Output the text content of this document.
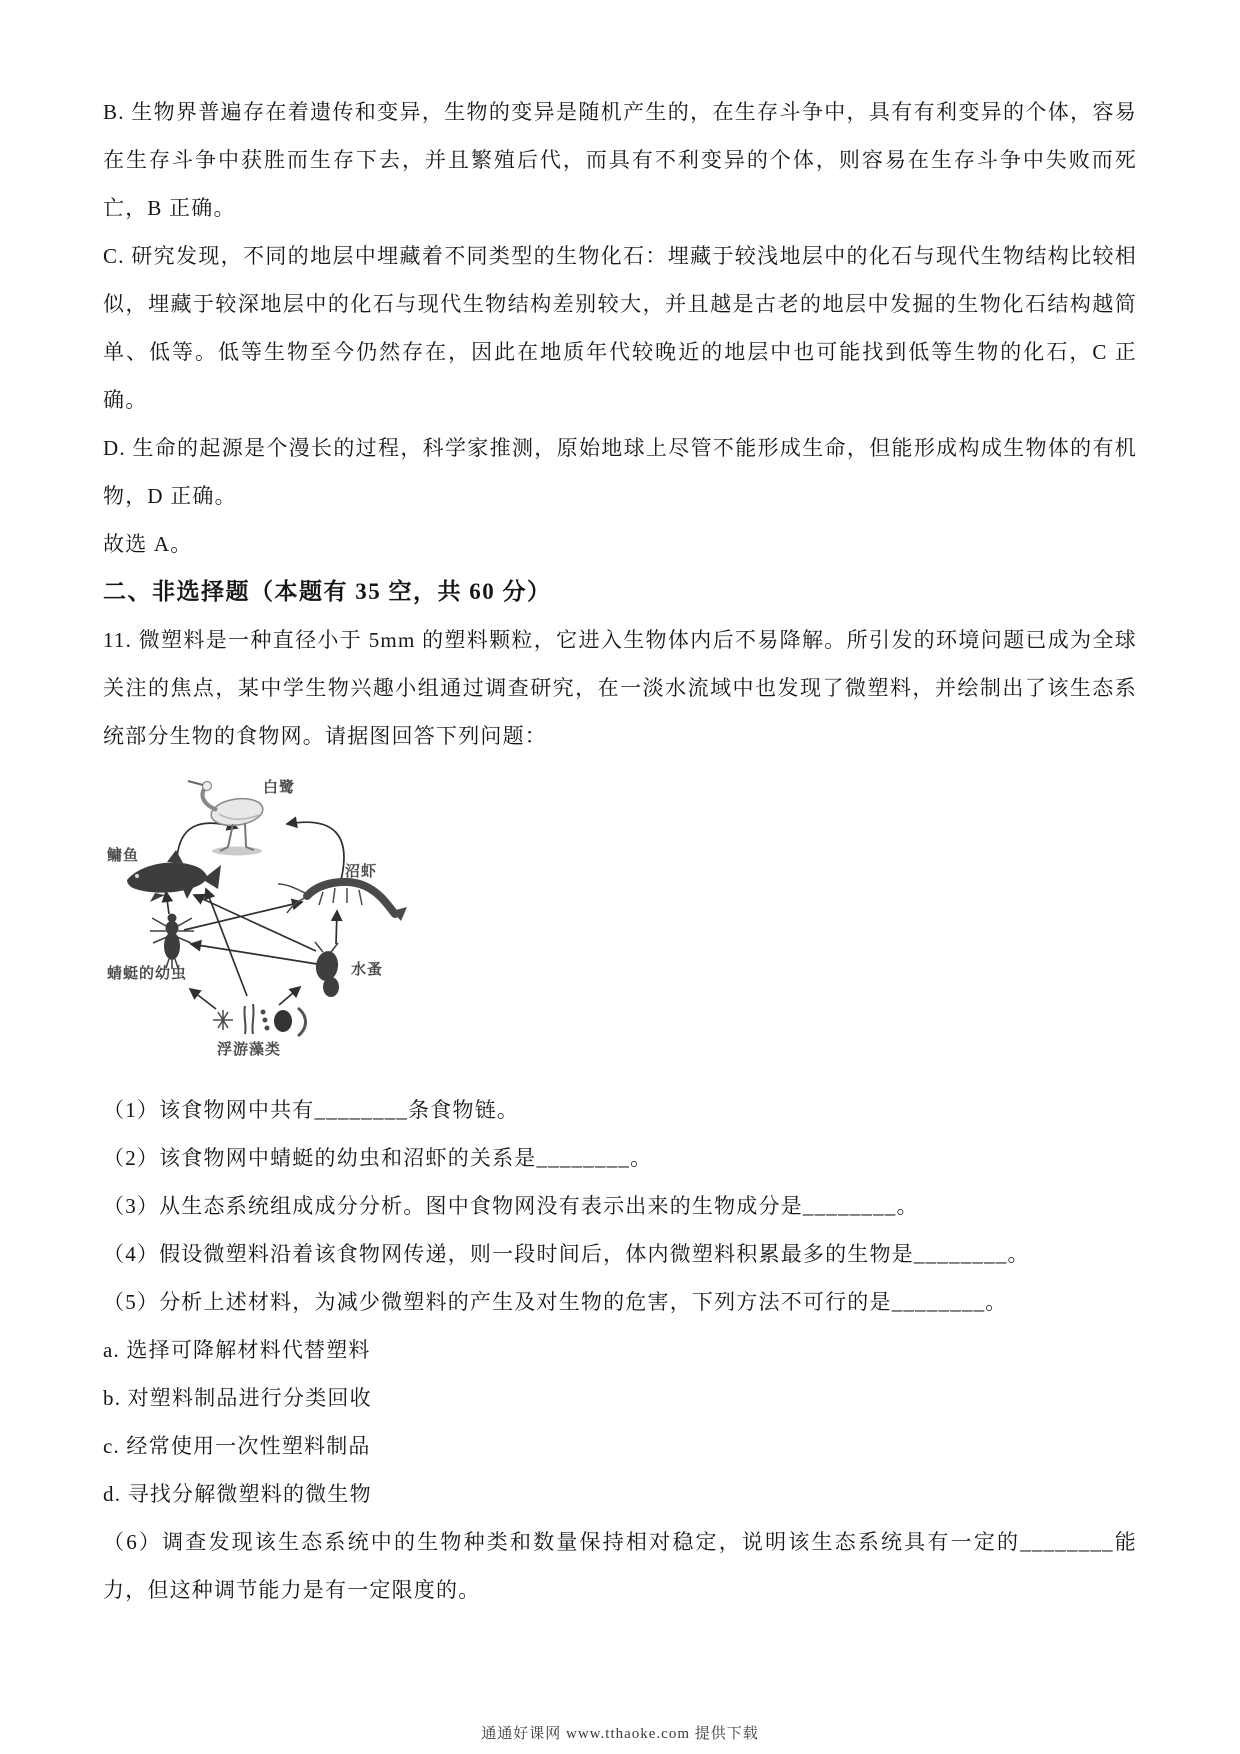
B. 生物界普遍存在着遗传和变异，生物的变异是随机产生的，在生存斗争中，具有有利变异的个体，容易在生存斗争中获胜而生存下去，并且繁殖后代，而具有不利变异的个体，则容易在生存斗争中失败而死亡，B 正确。

C. 研究发现，不同的地层中埋藏着不同类型的生物化石：埋藏于较浅地层中的化石与现代生物结构比较相似，埋藏于较深地层中的化石与现代生物结构差别较大，并且越是古老的地层中发掘的生物化石结构越简单、低等。低等生物至今仍然存在，因此在地质年代较晚近的地层中也可能找到低等生物的化石，C 正确。

D. 生命的起源是个漫长的过程，科学家推测，原始地球上尽管不能形成生命，但能形成构成生物体的有机物，D 正确。

故选 A。

二、非选择题（本题有 35 空，共 60 分）

11. 微塑料是一种直径小于 5mm 的塑料颗粒，它进入生物体内后不易降解。所引发的环境问题已成为全球关注的焦点，某中学生物兴趣小组通过调查研究，在一淡水流域中也发现了微塑料，并绘制出了该生态系统部分生物的食物网。请据图回答下列问题：

白鹭
鳙鱼
沼虾
蜻蜓的幼虫	水蚤
浮游藻类

（1）该食物网中共有________条食物链。

（2）该食物网中蜻蜓的幼虫和沼虾的关系是________。

（3）从生态系统组成成分分析。图中食物网没有表示出来的生物成分是________。

（4）假设微塑料沿着该食物网传递，则一段时间后，体内微塑料积累最多的生物是________。

（5）分析上述材料，为减少微塑料的产生及对生物的危害，下列方法不可行的是________。

a. 选择可降解材料代替塑料

b. 对塑料制品进行分类回收

c. 经常使用一次性塑料制品

d. 寻找分解微塑料的微生物

（6）调查发现该生态系统中的生物种类和数量保持相对稳定，说明该生态系统具有一定的________能力，但这种调节能力是有一定限度的。

通通好课网 www.tthaoke.com 提供下载
